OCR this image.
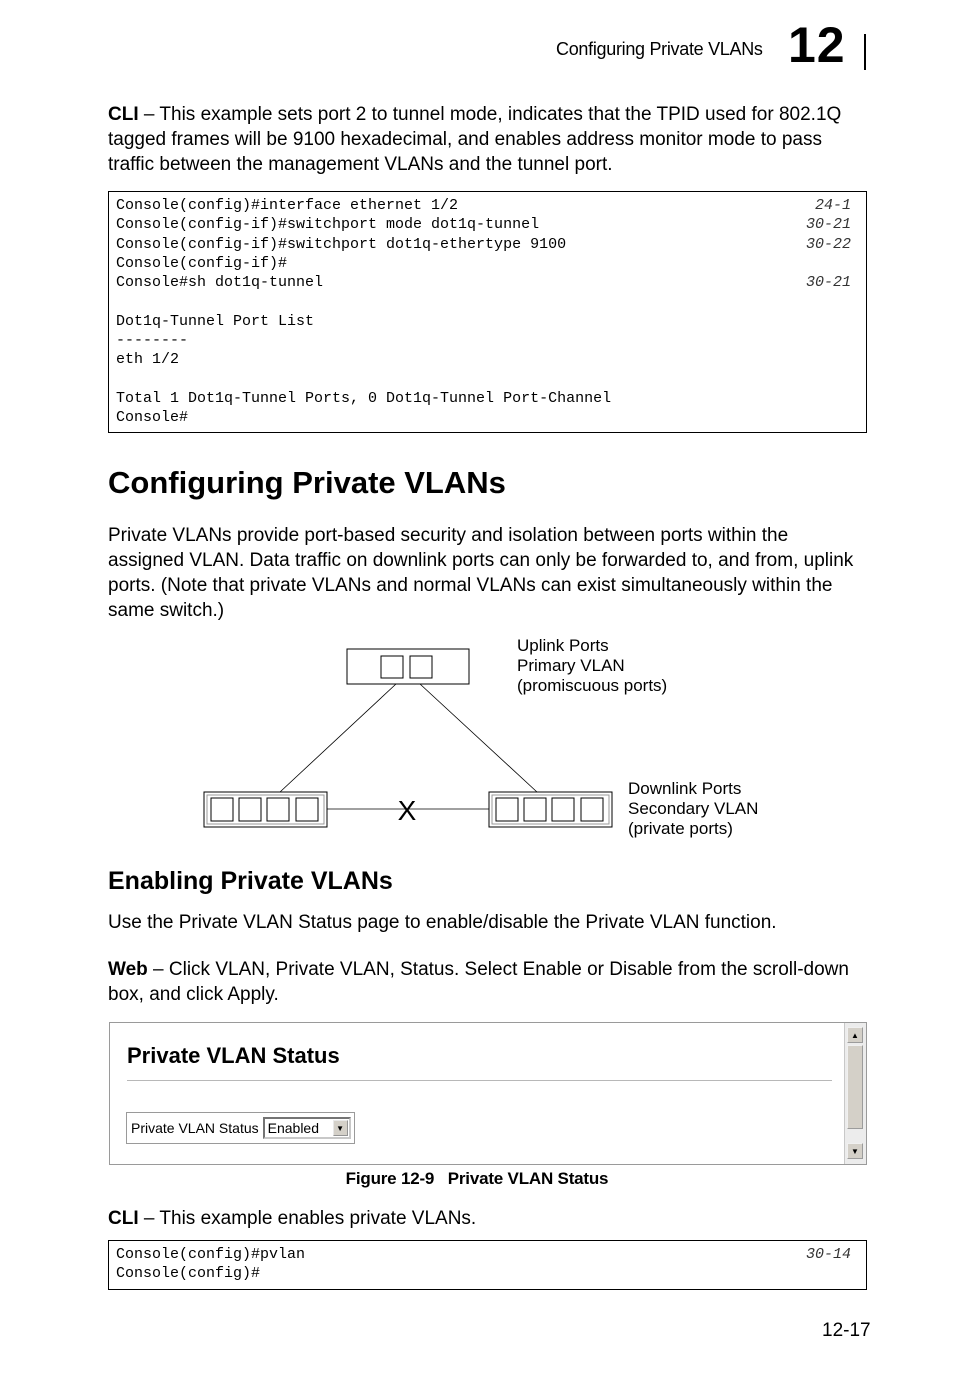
Configuring Private VLANs 12
CLI – This example sets port 2 to tunnel mode, indicates that the TPID used for 802.1Q tagged frames will be 9100 hexadecimal, and enables address monitor mode to pass traffic between the management VLANs and the tunnel port.
Console(config)#interface ethernet 1/2	24-1
Console(config-if)#switchport mode dot1q-tunnel	30-21
Console(config-if)#switchport dot1q-ethertype 9100	30-22
Console(config-if)#
Console#sh dot1q-tunnel	30-21
Dot1q-Tunnel Port List
--------
eth 1/2
Total 1 Dot1q-Tunnel Ports, 0 Dot1q-Tunnel Port-Channel
Console#
Configuring Private VLANs
Private VLANs provide port-based security and isolation between ports within the assigned VLAN. Data traffic on downlink ports can only be forwarded to, and from, uplink ports. (Note that private VLANs and normal VLANs can exist simultaneously within the same switch.)
X
Uplink Ports
Primary VLAN
(promiscuous ports)
Downlink Ports
Secondary VLAN
(private ports)
Enabling Private VLANs
Use the Private VLAN Status page to enable/disable the Private VLAN function.
Web – Click VLAN, Private VLAN, Status. Select Enable or Disable from the scroll-down box, and click Apply.
Private VLAN Status
Private VLAN Status Enabled	▼
▲
▼
Figure 12-9   Private VLAN Status
CLI – This example enables private VLANs.
Console(config)#pvlan	30-14
Console(config)#
12-17
